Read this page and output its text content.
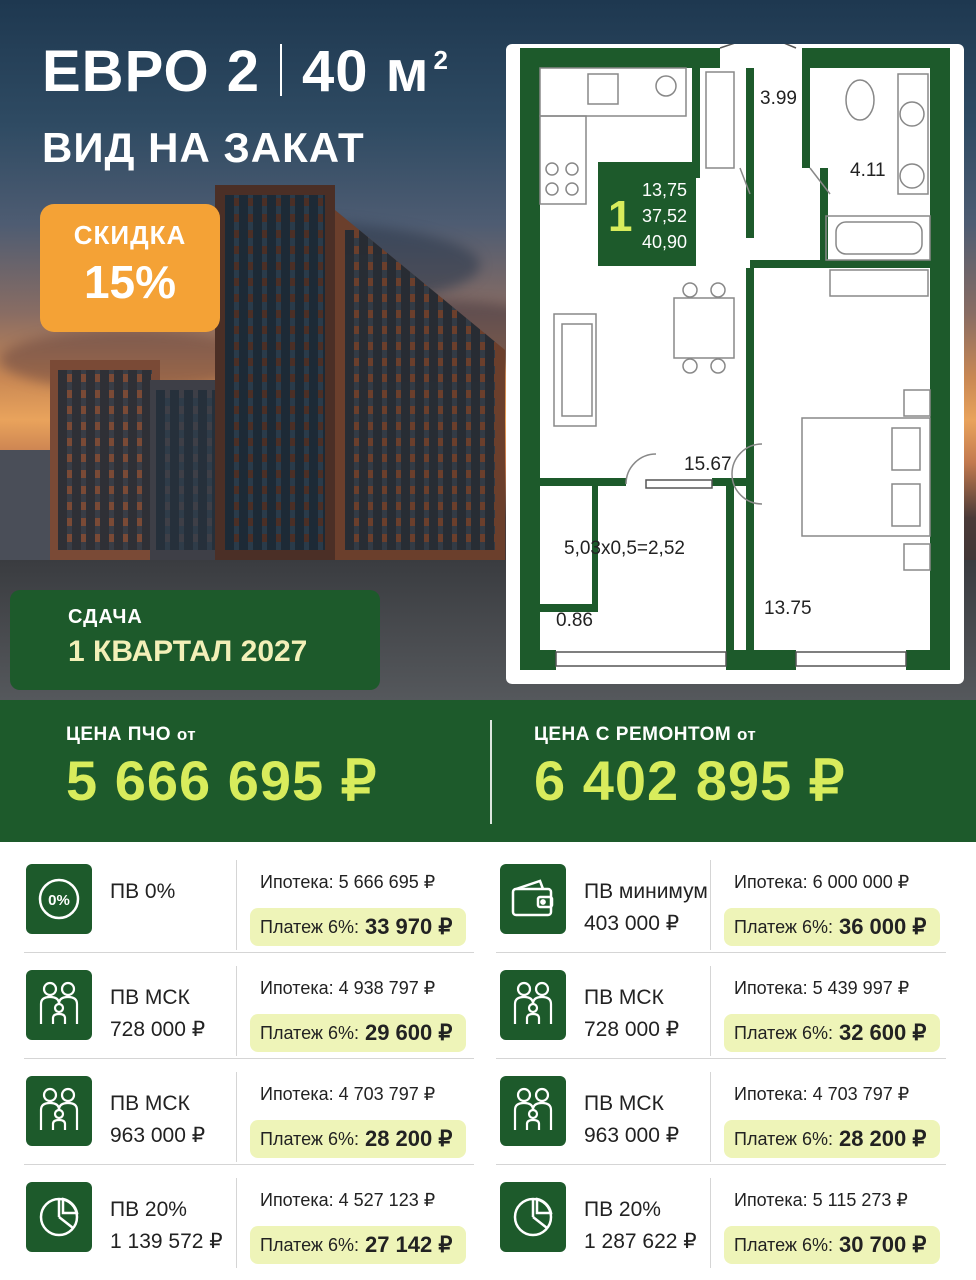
ЕВРО 2 40 м $^2$
ВИД НА ЗАКАТ
СКИДКА
15%
СДАЧА
1 КВАРТАЛ 2027
1
13,75
37,52
40,90
3.99
4.11
15.67
5,03x0,5=2,52
0.86
13.75
ЦЕНА ПЧО от
5 666 695 ₽
ЦЕНА С РЕМОНТОМ от
6 402 895 ₽
0% ПВ 0%	Ипотека: 5 666 695 ₽
Платеж 6%: 33 970 ₽
ПВ МСК
728 000 ₽
Ипотека: 4 938 797 ₽
Платеж 6%: 29 600 ₽
ПВ МСК
963 000 ₽
Ипотека: 4 703 797 ₽
Платеж 6%: 28 200 ₽
ПВ 20%
1 139 572 ₽
Ипотека: 4 527 123 ₽
Платеж 6%: 27 142 ₽
ПВ минимум
403 000 ₽
Ипотека: 6 000 000 ₽
Платеж 6%: 36 000 ₽
ПВ МСК
728 000 ₽
Ипотека: 5 439 997 ₽
Платеж 6%: 32 600 ₽
ПВ МСК
963 000 ₽
Ипотека: 4 703 797 ₽
Платеж 6%: 28 200 ₽
ПВ 20%
1 287 622 ₽
Ипотека: 5 115 273 ₽
Платеж 6%: 30 700 ₽
